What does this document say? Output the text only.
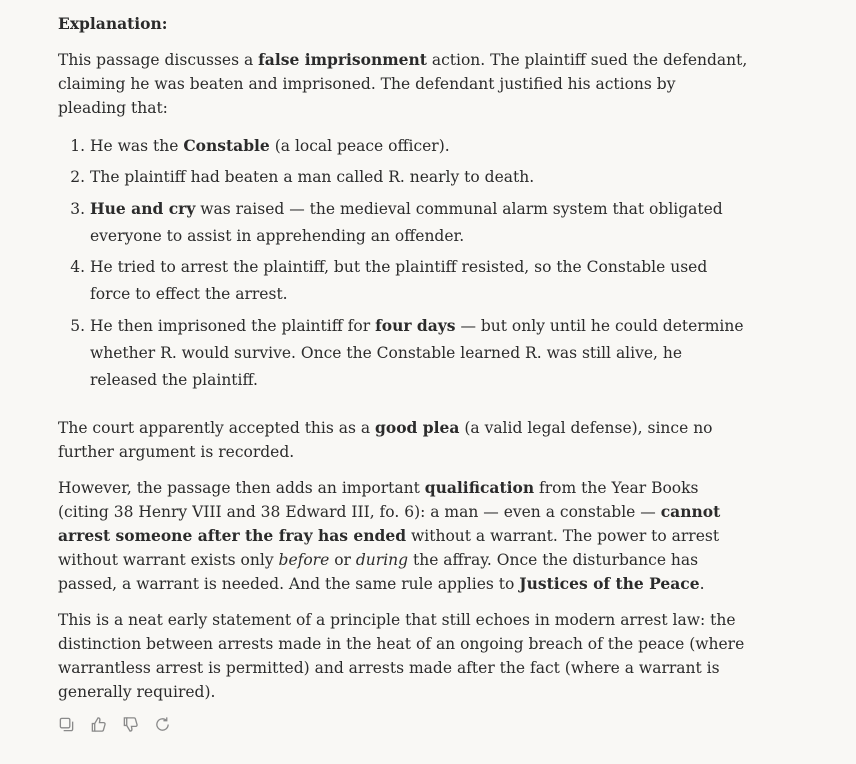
Explanation:

This passage discusses a false imprisonment action. The plaintiff sued the defendant, claiming he was beaten and imprisoned. The defendant justified his actions by pleading that:

1. He was the Constable (a local peace officer).
2. The plaintiff had beaten a man called R. nearly to death.
3. Hue and cry was raised — the medieval communal alarm system that obligated everyone to assist in apprehending an offender.
4. He tried to arrest the plaintiff, but the plaintiff resisted, so the Constable used force to effect the arrest.
5. He then imprisoned the plaintiff for four days — but only until he could determine whether R. would survive. Once the Constable learned R. was still alive, he released the plaintiff.

The court apparently accepted this as a good plea (a valid legal defense), since no further argument is recorded.

However, the passage then adds an important qualification from the Year Books (citing 38 Henry VIII and 38 Edward III, fo. 6): a man — even a constable — cannot arrest someone after the fray has ended without a warrant. The power to arrest without warrant exists only before or during the affray. Once the disturbance has passed, a warrant is needed. And the same rule applies to Justices of the Peace.

This is a neat early statement of a principle that still echoes in modern arrest law: the distinction between arrests made in the heat of an ongoing breach of the peace (where warrantless arrest is permitted) and arrests made after the fact (where a warrant is generally required).
